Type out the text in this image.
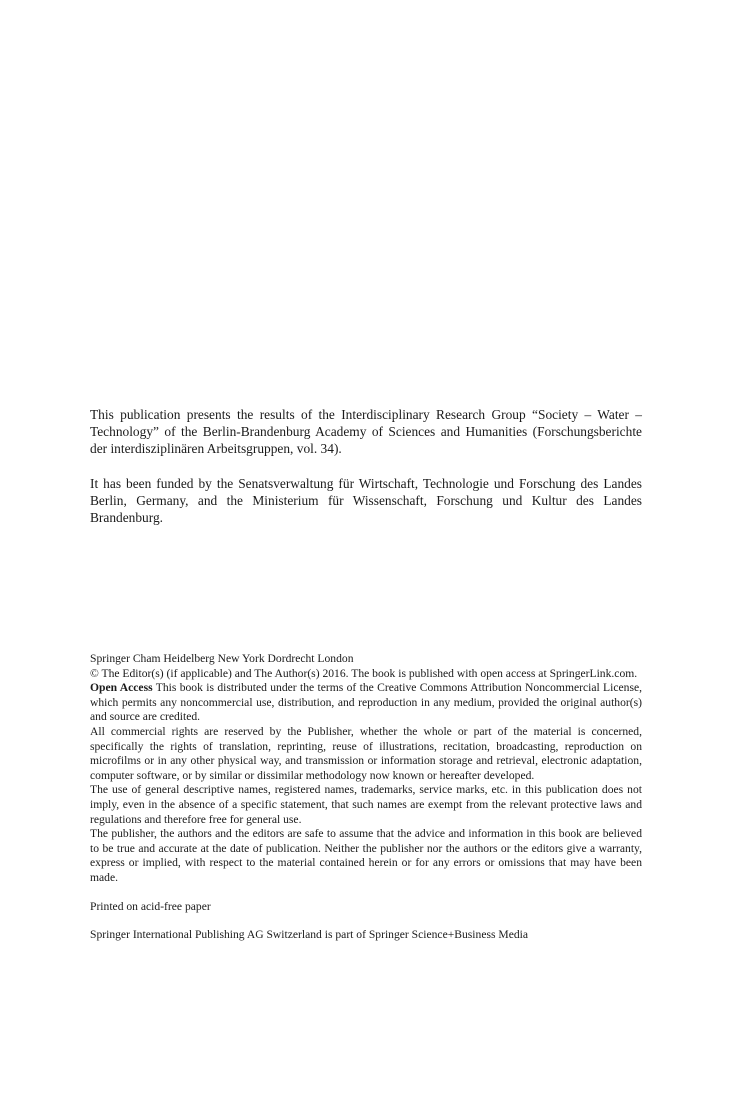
This publication presents the results of the Interdisciplinary Research Group “Society – Water – Technology” of the Berlin-Brandenburg Academy of Sciences and Humanities (Forschungsberichte der interdisziplinären Arbeitsgruppen, vol. 34).

It has been funded by the Senatsverwaltung für Wirtschaft, Technologie und Forschung des Landes Berlin, Germany, and the Ministerium für Wissenschaft, Forschung und Kultur des Landes Brandenburg.

Springer Cham Heidelberg New York Dordrecht London

© The Editor(s) (if applicable) and The Author(s) 2016. The book is published with open access at SpringerLink.com.

Open Access This book is distributed under the terms of the Creative Commons Attribution Noncommercial License, which permits any noncommercial use, distribution, and reproduction in any medium, provided the original author(s) and source are credited.

All commercial rights are reserved by the Publisher, whether the whole or part of the material is concerned, specifically the rights of translation, reprinting, reuse of illustrations, recitation, broadcasting, reproduction on microfilms or in any other physical way, and transmission or information storage and retrieval, electronic adaptation, computer software, or by similar or dissimilar methodology now known or hereafter developed.

The use of general descriptive names, registered names, trademarks, service marks, etc. in this publication does not imply, even in the absence of a specific statement, that such names are exempt from the relevant protective laws and regulations and therefore free for general use.

The publisher, the authors and the editors are safe to assume that the advice and information in this book are believed to be true and accurate at the date of publication. Neither the publisher nor the authors or the editors give a warranty, express or implied, with respect to the material contained herein or for any errors or omissions that may have been made.

Printed on acid-free paper

Springer International Publishing AG Switzerland is part of Springer Science+Business Media
